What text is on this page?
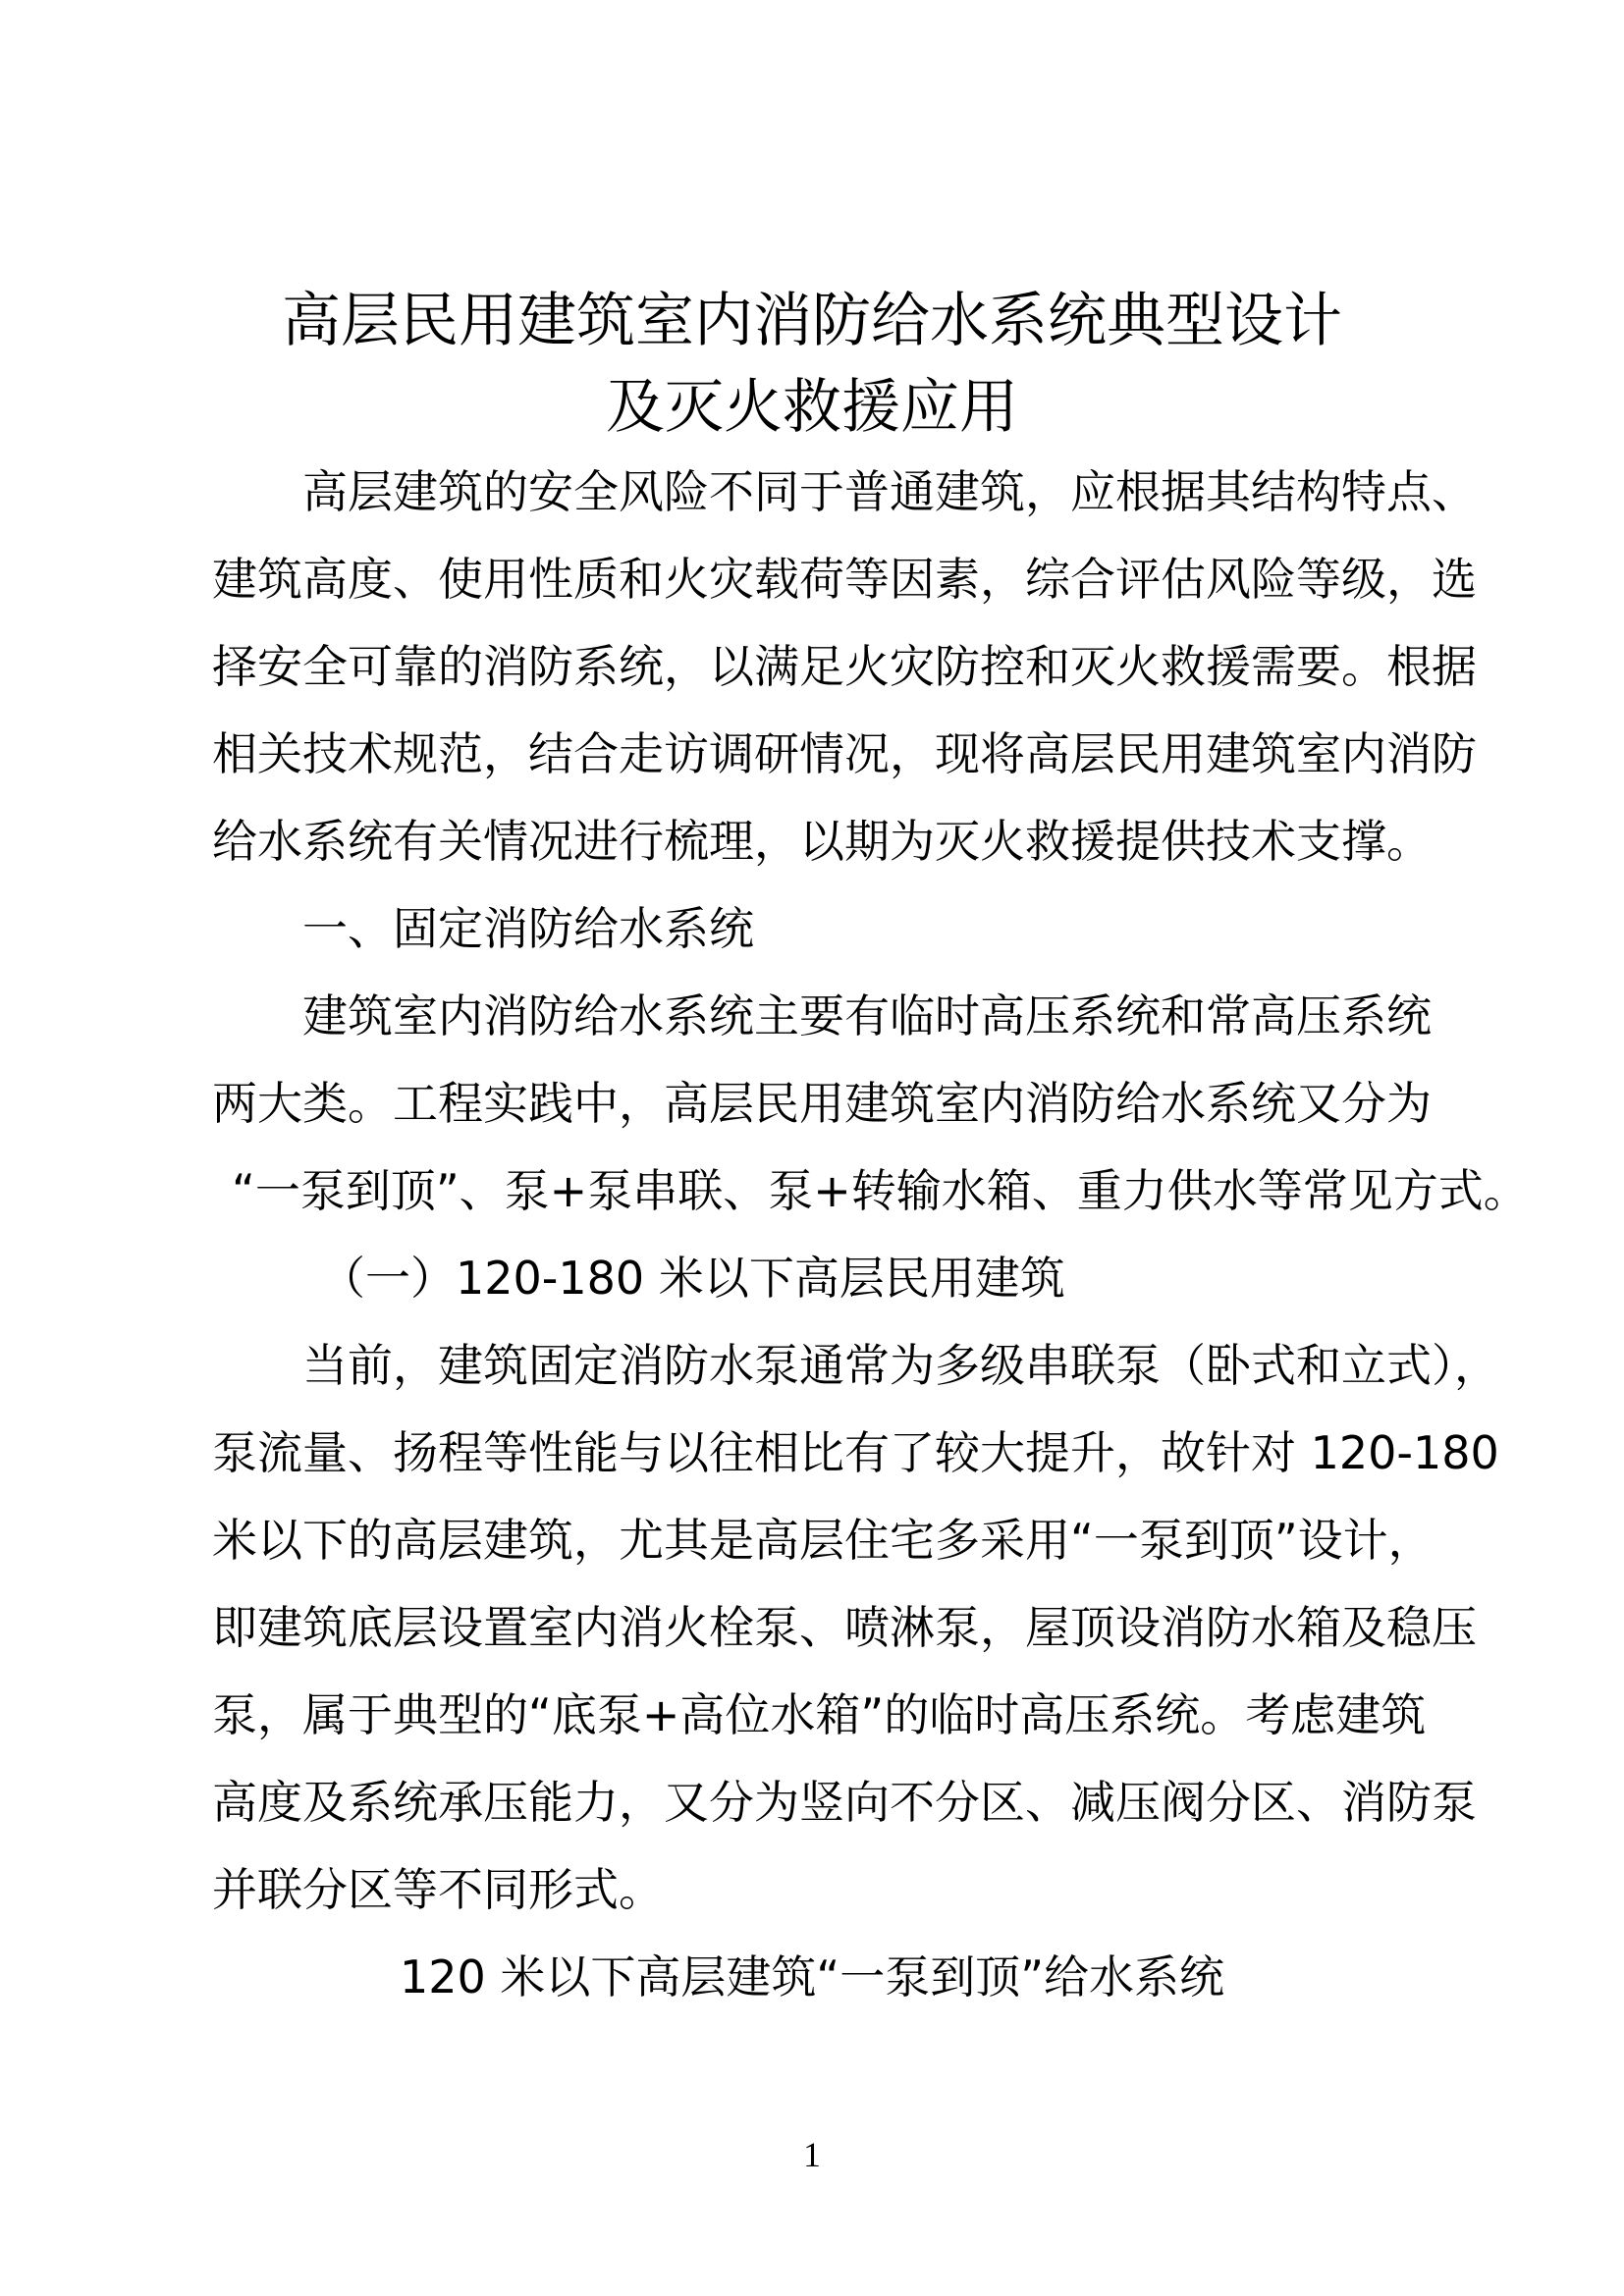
高层民用建筑室内消防给水系统典型设计
及灭火救援应用
高层建筑的安全风险不同于普通建筑，应根据其结构特点、
建筑高度、使用性质和火灾载荷等因素，综合评估风险等级，选
择安全可靠的消防系统，以满足火灾防控和灭火救援需要。根据
相关技术规范，结合走访调研情况，现将高层民用建筑室内消防
给水系统有关情况进行梳理，以期为灭火救援提供技术支撑。
一、固定消防给水系统
建筑室内消防给水系统主要有临时高压系统和常高压系统
两大类。工程实践中，高层民用建筑室内消防给水系统又分为
“一泵到顶”、泵+泵串联、泵+转输水箱、重力供水等常见方式。
（一）120-180 米以下高层民用建筑
当前，建筑固定消防水泵通常为多级串联泵（卧式和立式），
泵流量、扬程等性能与以往相比有了较大提升，故针对 120-180
米以下的高层建筑，尤其是高层住宅多采用“一泵到顶”设计，
即建筑底层设置室内消火栓泵、喷淋泵，屋顶设消防水箱及稳压
泵，属于典型的“底泵+高位水箱”的临时高压系统。考虑建筑
高度及系统承压能力，又分为竖向不分区、减压阀分区、消防泵
并联分区等不同形式。
120 米以下高层建筑“一泵到顶”给水系统
1
